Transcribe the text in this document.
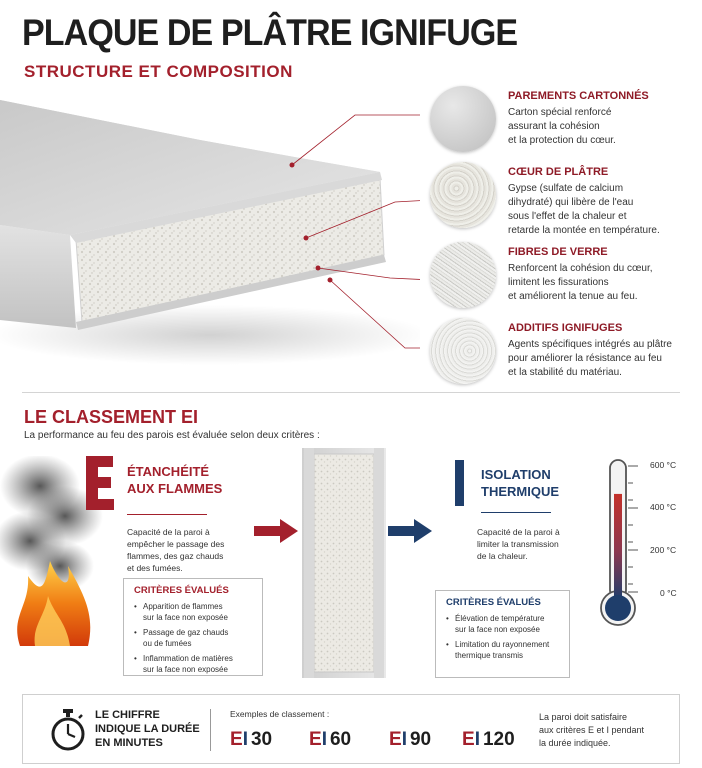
PLAQUE DE PLÂTRE IGNIFUGE
STRUCTURE ET COMPOSITION
PAREMENTS CARTONNÉS
Carton spécial renforcé
assurant la cohésion
et la protection du cœur.
CŒUR DE PLÂTRE
Gypse (sulfate de calcium
dihydraté) qui libère de l'eau
sous l'effet de la chaleur et
retarde la montée en température.
FIBRES DE VERRE
Renforcent la cohésion du cœur,
limitent les fissurations
et améliorent la tenue au feu.
ADDITIFS IGNIFUGES
Agents spécifiques intégrés au plâtre
pour améliorer la résistance au feu
et la stabilité du matériau.
LE CLASSEMENT EI
La performance au feu des parois est évaluée selon deux critères :
ÉTANCHÉITÉ
AUX FLAMMES
Capacité de la paroi à
empêcher le passage des
flammes, des gaz chauds
et des fumées.
CRITÈRES ÉVALUÉS
• Apparition de flammes
sur la face non exposée
• Passage de gaz chauds
ou de fumées
• Inflammation de matières
sur la face non exposée
ISOLATION
THERMIQUE
Capacité de la paroi à
limiter la transmission
de la chaleur.
CRITÈRES ÉVALUÉS
• Élévation de température
sur la face non exposée
• Limitation du rayonnement
thermique transmis
600 °C
400 °C
200 °C
0 °C
LE CHIFFRE
INDIQUE LA DURÉE
EN MINUTES
Exemples de classement :
EI 30 EI 60 EI 90 EI 120
La paroi doit satisfaire
aux critères E et I pendant
la durée indiquée.
